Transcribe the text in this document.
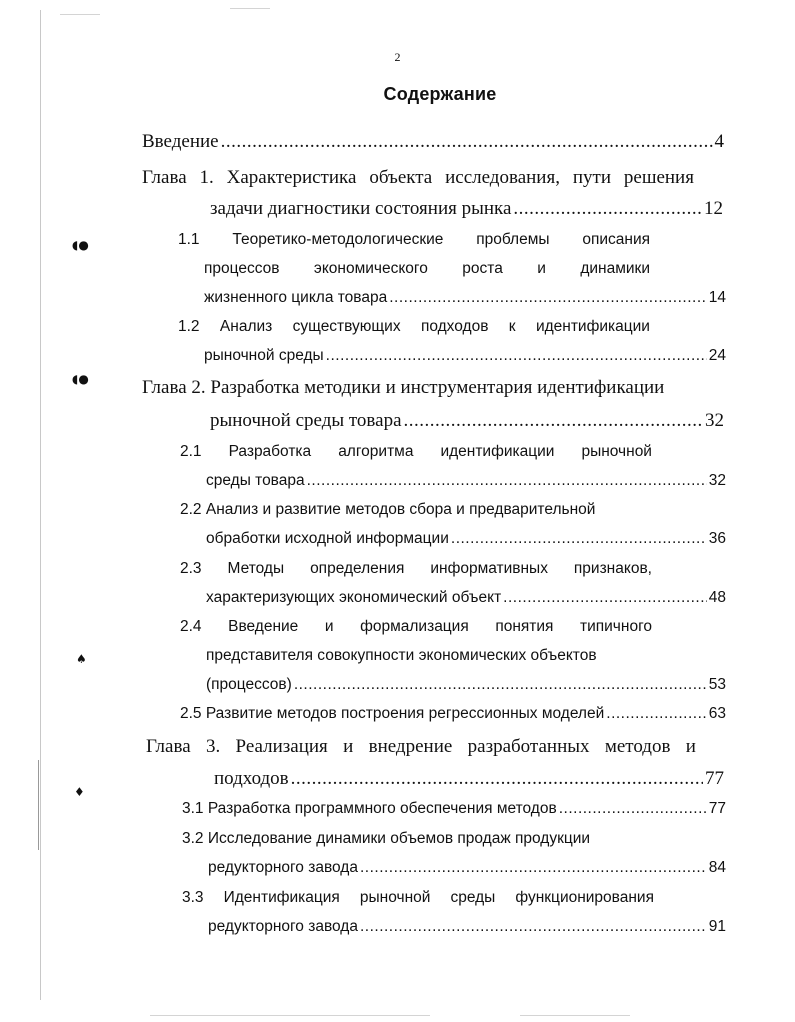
◖●
◖●
♠
♦
2
Содержание
Введение .....	4
Глава 1. Характеристика объекта исследования, пути решения
задачи диагностики состояния рынка .....	12
1.1 Теоретико-методологические проблемы описания
процессов экономического роста и динамики
жизненного цикла товара .....	14
1.2 Анализ существующих подходов к идентификации
рыночной среды .....	24
Глава 2. Разработка методики и инструментария идентификации
рыночной среды товара .....	32
2.1 Разработка алгоритма идентификации рыночной
среды товара .....	32
2.2 Анализ и развитие методов сбора и предварительной
обработки исходной информации .....	36
2.3 Методы определения информативных признаков,
характеризующих экономический объект .....	48
2.4 Введение и формализация понятия типичного
представителя совокупности экономических объектов
(процессов) .....	53
2.5 Развитие методов построения регрессионных моделей .....	63
Глава 3. Реализация и внедрение разработанных методов и
подходов .....	77
3.1 Разработка программного обеспечения методов .....	77
3.2 Исследование динамики объемов продаж продукции
редукторного завода .....	84
3.3 Идентификация рыночной среды функционирования
редукторного завода .....	91
